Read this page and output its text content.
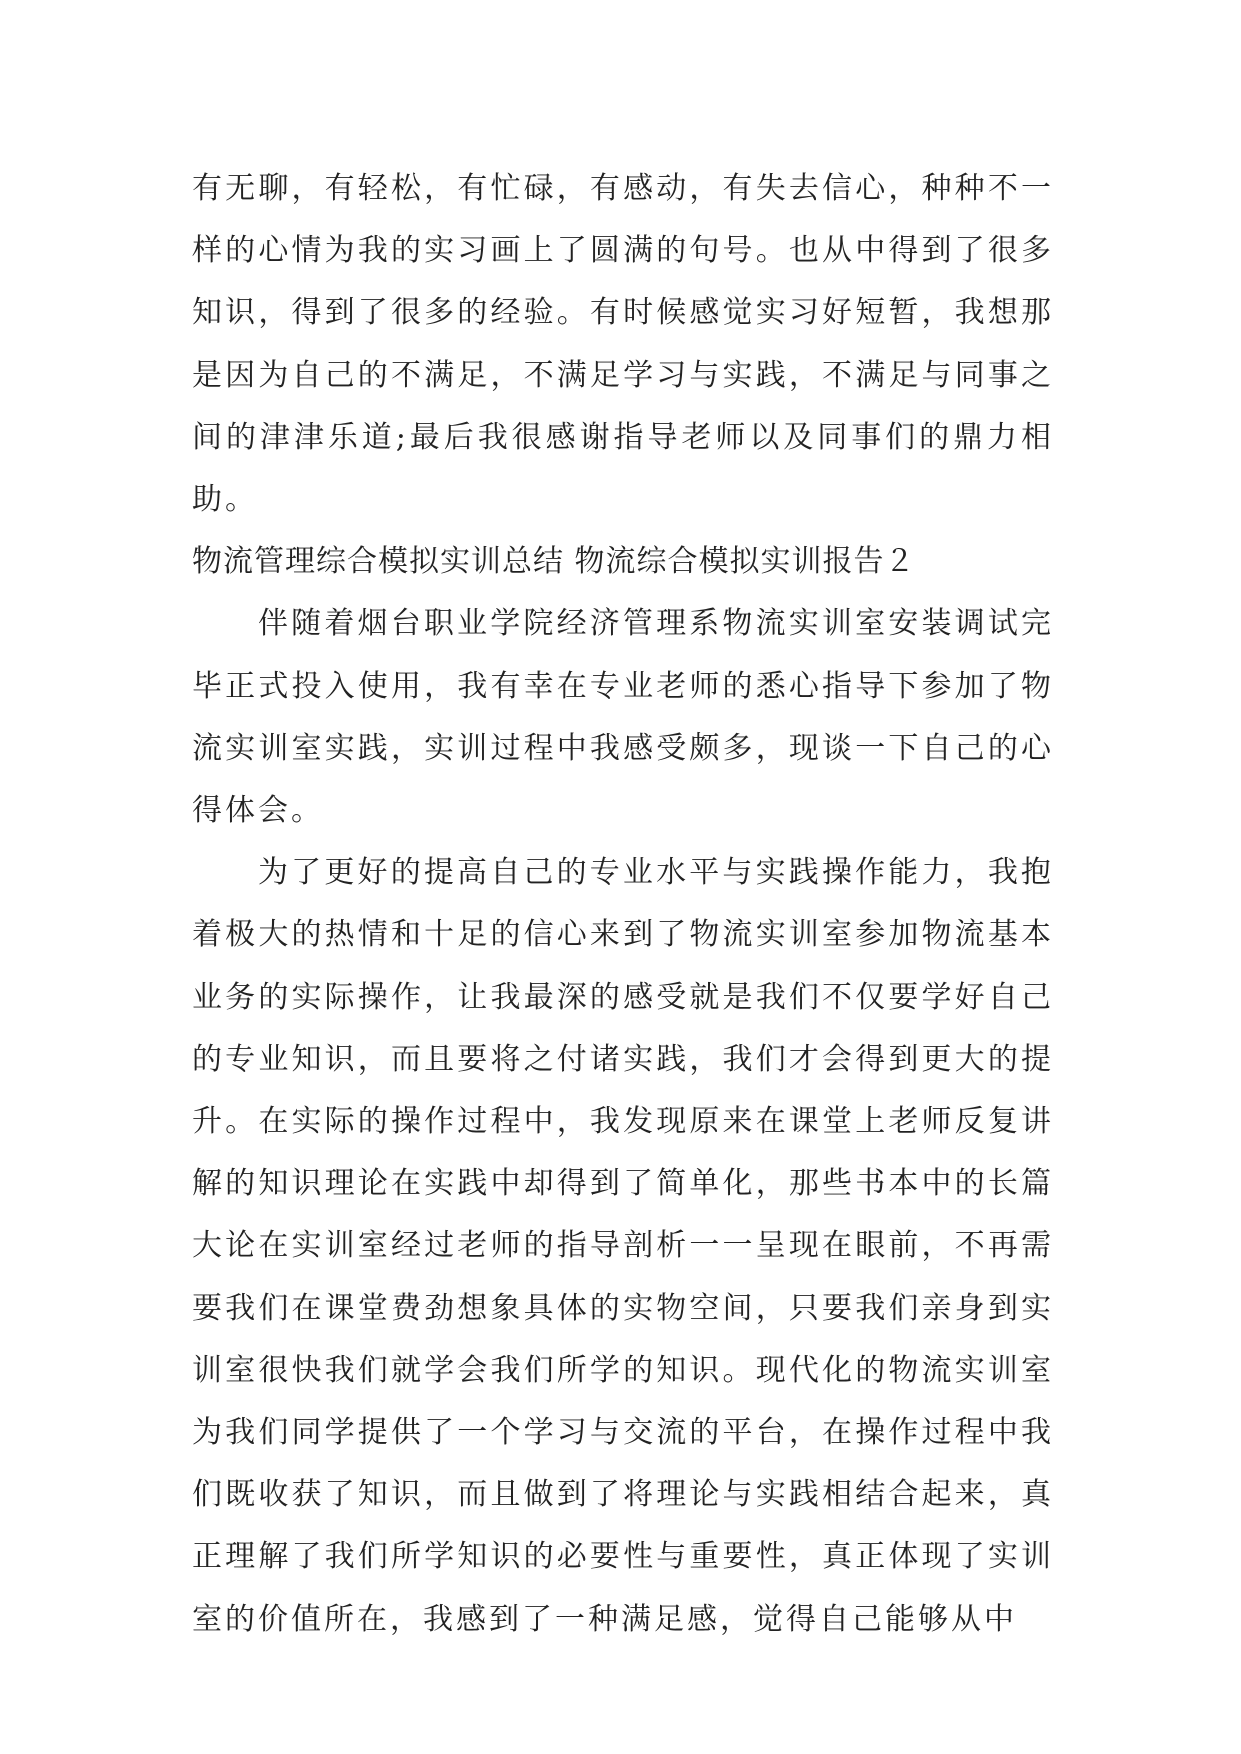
有无聊，有轻松，有忙碌，有感动，有失去信心，种种不一样的心情为我的实习画上了圆满的句号。也从中得到了很多知识，得到了很多的经验。有时候感觉实习好短暂，我想那是因为自己的不满足，不满足学习与实践，不满足与同事之间的津津乐道;最后我很感谢指导老师以及同事们的鼎力相助。

物流管理综合模拟实训总结 物流综合模拟实训报告２

伴随着烟台职业学院经济管理系物流实训室安装调试完毕正式投入使用，我有幸在专业老师的悉心指导下参加了物流实训室实践，实训过程中我感受颇多，现谈一下自己的心得体会。

为了更好的提高自己的专业水平与实践操作能力，我抱着极大的热情和十足的信心来到了物流实训室参加物流基本业务的实际操作，让我最深的感受就是我们不仅要学好自己的专业知识，而且要将之付诸实践，我们才会得到更大的提升。在实际的操作过程中，我发现原来在课堂上老师反复讲解的知识理论在实践中却得到了简单化，那些书本中的长篇大论在实训室经过老师的指导剖析一一呈现在眼前，不再需要我们在课堂费劲想象具体的实物空间，只要我们亲身到实训室很快我们就学会我们所学的知识。现代化的物流实训室为我们同学提供了一个学习与交流的平台，在操作过程中我们既收获了知识，而且做到了将理论与实践相结合起来，真正理解了我们所学知识的必要性与重要性，真正体现了实训室的价值所在，我感到了一种满足感，觉得自己能够从中
